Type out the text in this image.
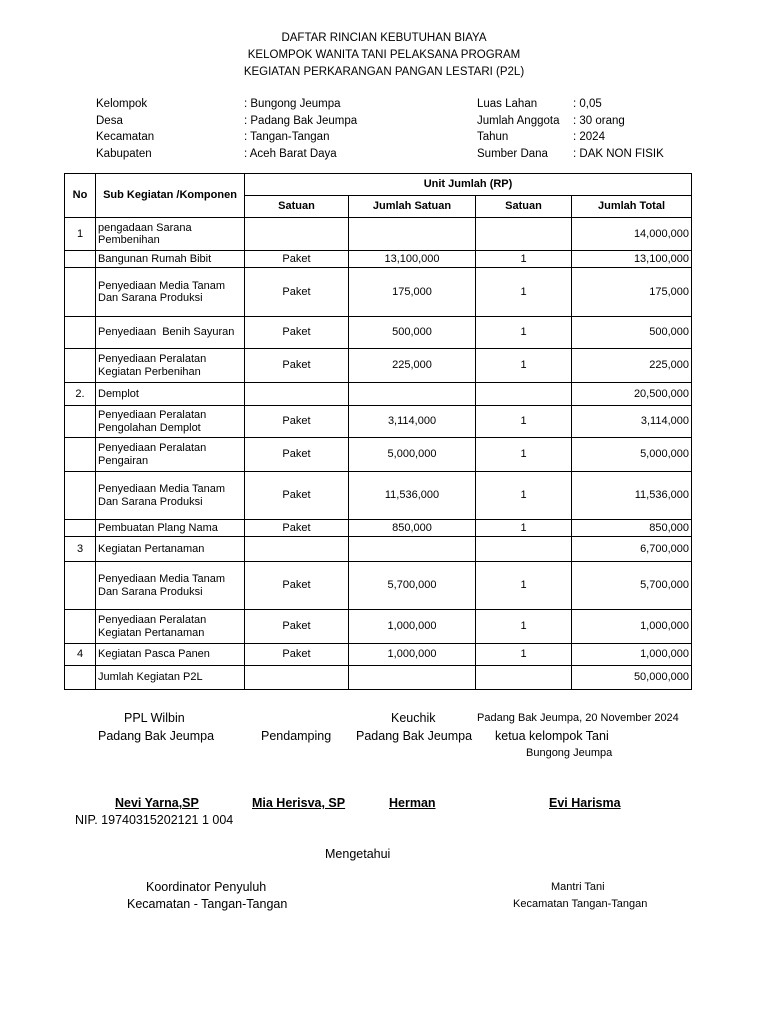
DAFTAR RINCIAN KEBUTUHAN BIAYA
KELOMPOK WANITA TANI PELAKSANA PROGRAM
KEGIATAN PERKARANGAN PANGAN LESTARI (P2L)
Kelompok	: Bungong Jeumpa
Desa	: Padang Bak Jeumpa
Kecamatan	: Tangan-Tangan
Kabupaten	: Aceh Barat Daya
Luas Lahan	: 0,05
Jumlah Anggota : 30 orang
Tahun	: 2024
Sumber Dana : DAK NON FISIK
No	Sub Kegiatan /Komponen	Unit Jumlah (RP)			
		Satuan	Jumlah Satuan	Satuan	Jumlah Total
1	pengadaan Sarana Pembenihan				14,000,000
	Bangunan Rumah Bibit	Paket	13,100,000	1	13,100,000
	Penyediaan Media Tanam Dan Sarana Produksi	Paket	175,000	1	175,000
	Penyediaan  Benih Sayuran	Paket	500,000	1	500,000
	Penyediaan Peralatan Kegiatan Perbenihan	Paket	225,000	1	225,000
2.	Demplot				20,500,000
	Penyediaan Peralatan Pengolahan Demplot	Paket	3,114,000	1	3,114,000
	Penyediaan Peralatan Pengairan	Paket	5,000,000	1	5,000,000
	Penyediaan Media Tanam Dan Sarana Produksi	Paket	11,536,000	1	11,536,000
	Pembuatan Plang Nama	Paket	850,000	1	850,000
3	Kegiatan Pertanaman				6,700,000
	Penyediaan Media Tanam Dan Sarana Produksi	Paket	5,700,000	1	5,700,000
	Penyediaan Peralatan Kegiatan Pertanaman	Paket	1,000,000	1	1,000,000
4	Kegiatan Pasca Panen	Paket	1,000,000	1	1,000,000
	Jumlah Kegiatan P2L				50,000,000
PPL Wilbin
Padang Bak Jeumpa	Pendamping
Keuchik
Padang Bak Jeumpa
Padang Bak Jeumpa, 20 November 2024
ketua kelompok Tani
Bungong Jeumpa
Nevi Yarna,SP
NIP. 19740315202121 1 004
Mia Herisva, SP	Herman	Evi Harisma
Mengetahui
Koordinator Penyuluh
Kecamatan - Tangan-Tangan
Mantri Tani
Kecamatan Tangan-Tangan
